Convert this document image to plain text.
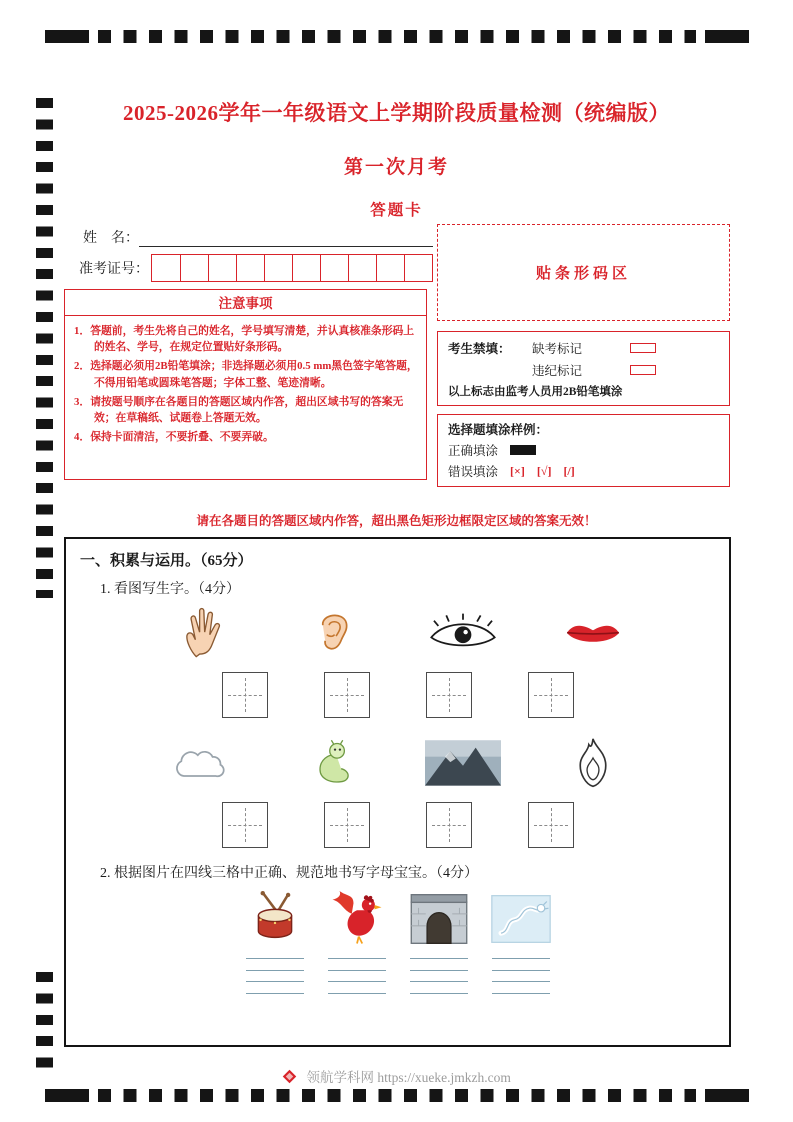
2025-2026学年一年级语文上学期阶段质量检测（统编版）
第一次月考
答题卡
姓    名：
准考证号：	贴条形码区
注意事项
1．答题前，考生先将自己的姓名，学号填写清楚，并认真核准条形码上的姓名、学号，在规定位置贴好条形码。
2．选择题必须用2B铅笔填涂；非选择题必须用0.5 mm黑色签字笔答题，不得用铅笔或圆珠笔答题；字体工整、笔迹清晰。
3．请按题号顺序在各题目的答题区域内作答，超出区域书写的答案无效；在草稿纸、试题卷上答题无效。
4．保持卡面清洁，不要折叠、不要弄破。
考生禁填：	缺考标记
违纪标记
以上标志由监考人员用2B铅笔填涂
选择题填涂样例：
正确填涂
错误填涂 [×] [√] [/]
请在各题目的答题区域内作答，超出黑色矩形边框限定区域的答案无效！
一、积累与运用。（65分）
1. 看图写生字。（4分）
2. 根据图片在四线三格中正确、规范地书写字母宝宝。（4分）
领航学科网 https://xueke.jmkzh.com
